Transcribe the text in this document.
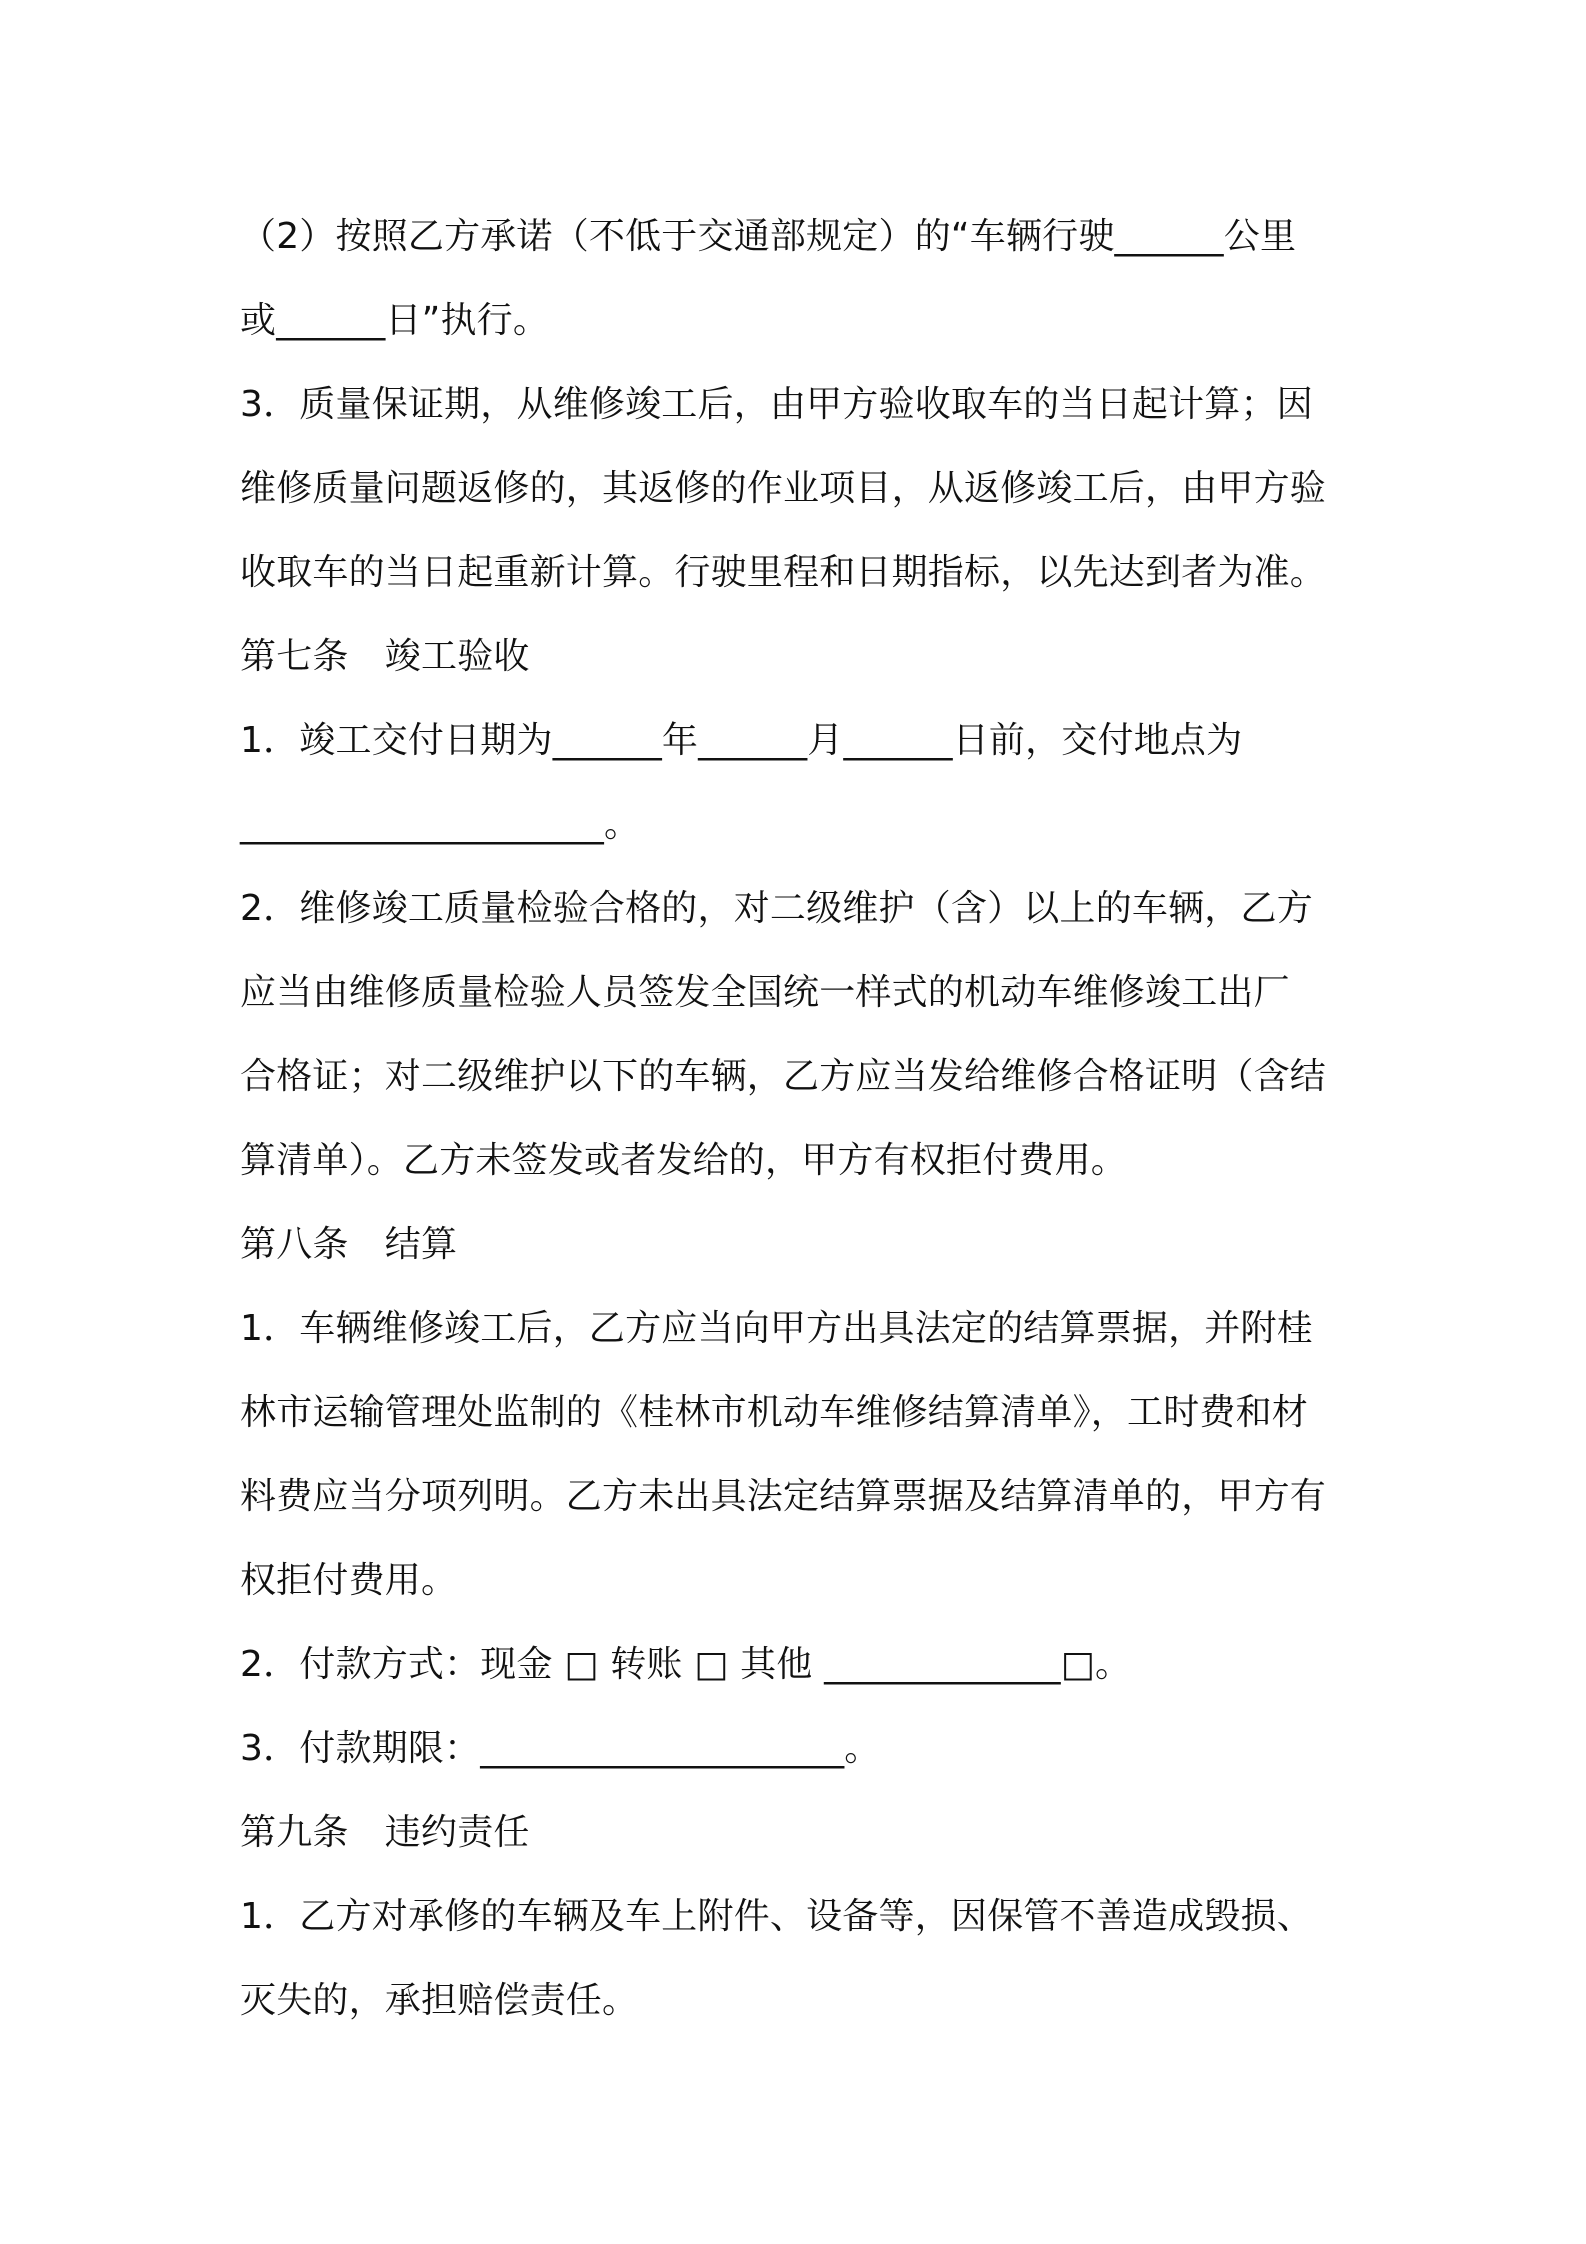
（2）按照乙方承诺（不低于交通部规定）的“车辆行驶______公里
或______日”执行。
3．质量保证期，从维修竣工后，由甲方验收取车的当日起计算；因
维修质量问题返修的，其返修的作业项目，从返修竣工后，由甲方验
收取车的当日起重新计算。行驶里程和日期指标，以先达到者为准。
第七条　竣工验收
1．竣工交付日期为______年______月______日前，交付地点为
____________________。
2．维修竣工质量检验合格的，对二级维护（含）以上的车辆，乙方
应当由维修质量检验人员签发全国统一样式的机动车维修竣工出厂
合格证；对二级维护以下的车辆，乙方应当发给维修合格证明（含结
算清单）。乙方未签发或者发给的，甲方有权拒付费用。
第八条　结算
1．车辆维修竣工后，乙方应当向甲方出具法定的结算票据，并附桂
林市运输管理处监制的《桂林市机动车维修结算清单》，工时费和材
料费应当分项列明。乙方未出具法定结算票据及结算清单的，甲方有
权拒付费用。
2．付款方式：现金 □ 转账 □ 其他 _____________□。
3．付款期限：____________________。
第九条　违约责任
1．乙方对承修的车辆及车上附件、设备等，因保管不善造成毁损、
灭失的，承担赔偿责任。
